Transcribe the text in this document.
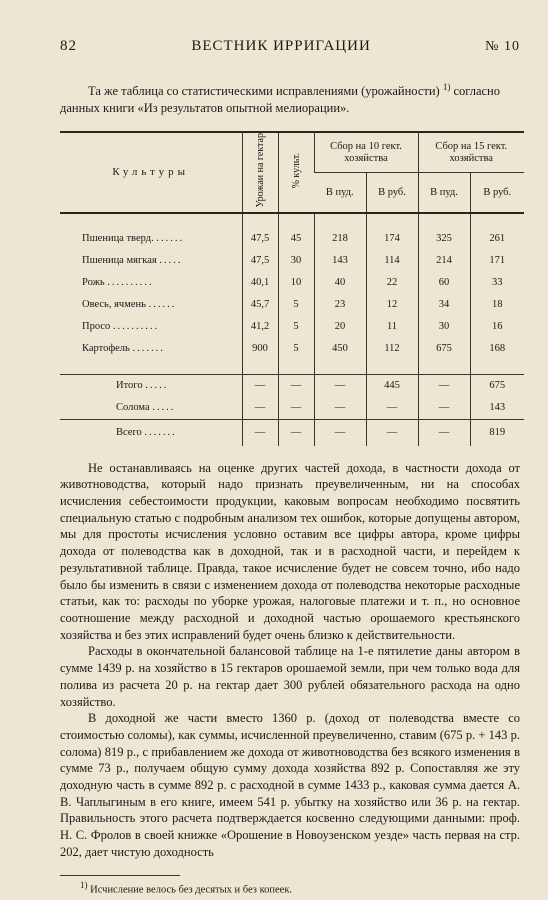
82	ВЕСТНИК ИРРИГАЦИИ	№ 10
Та же таблица со статистическими исправлениями (урожайности) $^{1)}$ согласно данных книги «Из результатов опытной мелиорации».
Культуры	Урожаи на гектар	% культ.	Сбор на 10 гект. хозяйства		Сбор на 15 гект. хозяйства	
			В пуд.	В руб.	В пуд.	В руб.

Пшеница тверд. ......	47,5	45	218	174	325	261
Пшеница мягкая .....	47,5	30	143	114	214	171
Рожь ..........	40,1	10	40	22	60	33
Овесь, ячмень ......	45,7	5	23	12	34	18
Просо ..........	41,2	5	20	11	30	16
Картофель .......	900	5	450	112	675	168

Итого .....	—	—	—	445	—	675
Солома .....	—	—	—	—	—	143
Всего .......	—	—	—	—	—	819

Не останавливаясь на оценке других частей дохода, в частности дохода от животноводства, который надо признать преувеличенным, ни на способах исчисления себестоимости продукции, каковым вопросам необходимо посвятить специальную статью с подробным анализом тех ошибок, которые допущены автором, мы для простоты исчисления условно оставим все цифры автора, кроме цифры дохода от полеводства как в доходной, так и в расходной части, и перейдем к результативной таблице. Правда, такое исчисление будет не совсем точно, ибо надо было бы изменить в связи с изменением дохода от полеводства некоторые расходные статьи, как то: расходы по уборке урожая, налоговые платежи и т. п., но основное соотношение между расходной и доходной частью орошаемого крестьянского хозяйства и без этих исправлений будет очень близко к действительности.

Расходы в окончательной балансовой таблице на 1-е пятилетие даны автором в сумме 1439 р. на хозяйство в 15 гектаров орошаемой земли, при чем только вода для полива из расчета 20 р. на гектар дает 300 рублей обязательного расхода на одно хозяйство.

В доходной же части вместо 1360 р. (доход от полеводства вместе со стоимостью соломы), как суммы, исчисленной преувеличенно, ставим (675 р. + 143 р. солома) 819 р., с прибавлением же дохода от животноводства без всякого изменения в сумме 73 р., получаем общую сумму дохода хозяйства 892 р. Сопоставляя же эту доходную часть в сумме 892 р. с расходной в сумме 1433 р., каковая сумма дается А. В. Чаплыгиным в его книге, имеем 541 р. убытку на хозяйство или 36 р. на гектар. Правильность этого расчета подтверждается косвенно следующими данными: проф. Н. С. Фролов в своей книжке «Орошение в Новоузенском уезде» часть первая на стр. 202, дает чистую доходность

$^{1)}$ Исчисление велось без десятых и без копеек.
